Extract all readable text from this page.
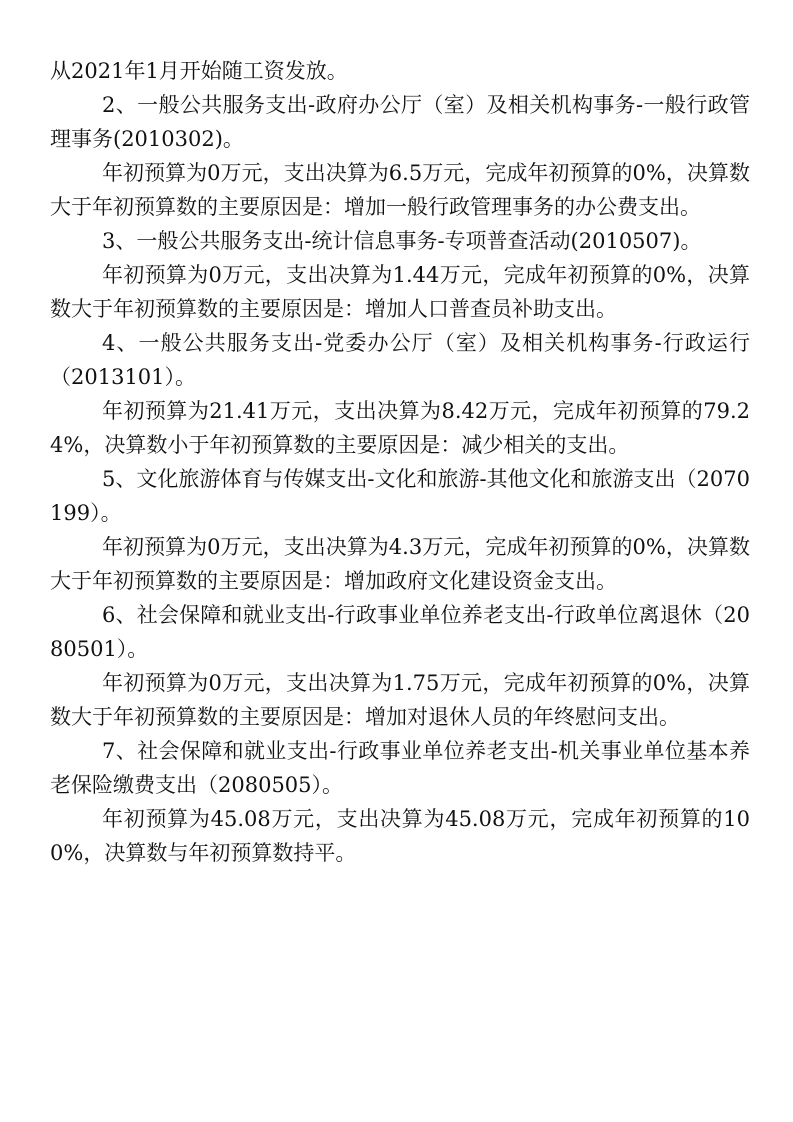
从2021年1月开始随工资发放。

2、一般公共服务支出-政府办公厅（室）及相关机构事务-一般行政管理事务(2010302)。

年初预算为0万元，支出决算为6.5万元，完成年初预算的0%，决算数大于年初预算数的主要原因是：增加一般行政管理事务的办公费支出。

3、一般公共服务支出-统计信息事务-专项普查活动(2010507)。

年初预算为0万元，支出决算为1.44万元，完成年初预算的0%，决算数大于年初预算数的主要原因是：增加人口普查员补助支出。

4、一般公共服务支出-党委办公厅（室）及相关机构事务-行政运行（2013101）。

年初预算为21.41万元，支出决算为8.42万元，完成年初预算的79.24%，决算数小于年初预算数的主要原因是：减少相关的支出。

5、文化旅游体育与传媒支出-文化和旅游-其他文化和旅游支出（2070199）。

年初预算为0万元，支出决算为4.3万元，完成年初预算的0%，决算数大于年初预算数的主要原因是：增加政府文化建设资金支出。

6、社会保障和就业支出-行政事业单位养老支出-行政单位离退休（2080501）。

年初预算为0万元，支出决算为1.75万元，完成年初预算的0%，决算数大于年初预算数的主要原因是：增加对退休人员的年终慰问支出。

7、社会保障和就业支出-行政事业单位养老支出-机关事业单位基本养老保险缴费支出（2080505）。

年初预算为45.08万元，支出决算为45.08万元，完成年初预算的100%，决算数与年初预算数持平。
